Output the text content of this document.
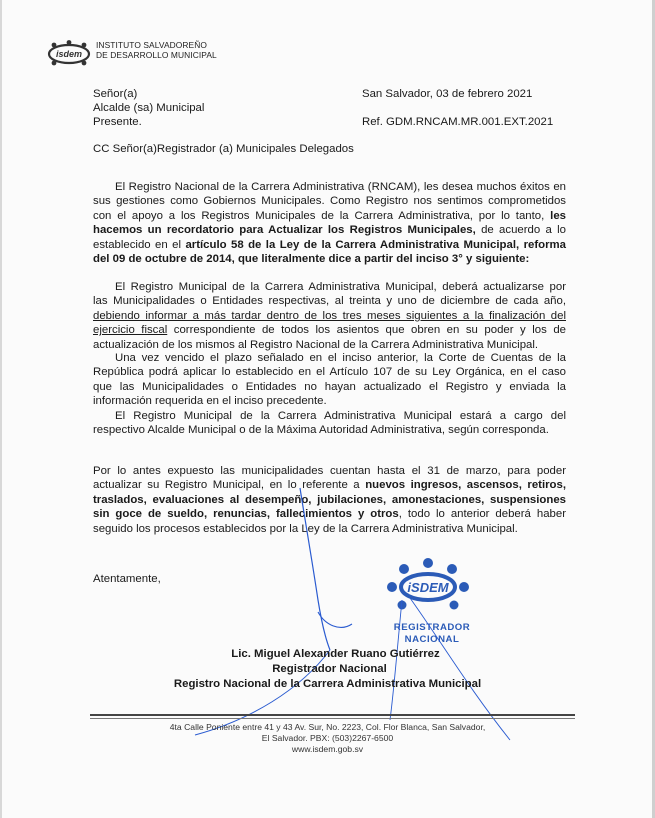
isdem
INSTITUTO SALVADOREÑO
DE DESARROLLO MUNICIPAL
Señor(a)
Alcalde (sa) Municipal
Presente.
San Salvador, 03 de febrero 2021
Ref. GDM.RNCAM.MR.001.EXT.2021
CC Señor(a)Registrador (a) Municipales Delegados
El Registro Nacional de la Carrera Administrativa (RNCAM), les desea muchos éxitos en
sus gestiones como Gobiernos Municipales. Como Registro nos sentimos comprometidos
con el apoyo a los Registros Municipales de la Carrera Administrativa, por lo tanto, les
hacemos un recordatorio para Actualizar los Registros Municipales, de acuerdo a lo
establecido en el artículo 58 de la Ley de la Carrera Administrativa Municipal, reforma
del 09 de octubre de 2014, que literalmente dice a partir del inciso 3° y siguiente:
El Registro Municipal de la Carrera Administrativa Municipal, deberá actualizarse por
las Municipalidades o Entidades respectivas, al treinta y uno de diciembre de cada año,
debiendo informar a más tardar dentro de los tres meses siguientes a la finalización del
ejercicio fiscal correspondiente de todos los asientos que obren en su poder y los de
actualización de los mismos al Registro Nacional de la Carrera Administrativa Municipal.
Una vez vencido el plazo señalado en el inciso anterior, la Corte de Cuentas de la
República podrá aplicar lo establecido en el Artículo 107 de su Ley Orgánica, en el caso
que las Municipalidades o Entidades no hayan actualizado el Registro y enviada la
información requerida en el inciso precedente.
El Registro Municipal de la Carrera Administrativa Municipal estará a cargo del
respectivo Alcalde Municipal o de la Máxima Autoridad Administrativa, según corresponda.
Por lo antes expuesto las municipalidades cuentan hasta el 31 de marzo, para poder
actualizar su Registro Municipal, en lo referente a nuevos ingresos, ascensos, retiros,
traslados, evaluaciones al desempeño, jubilaciones, amonestaciones, suspensiones
sin goce de sueldo, renuncias, fallecimientos y otros, todo lo anterior deberá haber
seguido los procesos establecidos por la Ley de la Carrera Administrativa Municipal.
Atentamente,
iSDEM
REGISTRADOR
NACIONAL
Lic. Miguel Alexander Ruano Gutiérrez
Registrador Nacional
Registro Nacional de la Carrera Administrativa Municipal
4ta Calle Poniente entre 41 y 43 Av. Sur, No. 2223, Col. Flor Blanca, San Salvador,
El Salvador. PBX: (503)2267-6500
www.isdem.gob.sv
